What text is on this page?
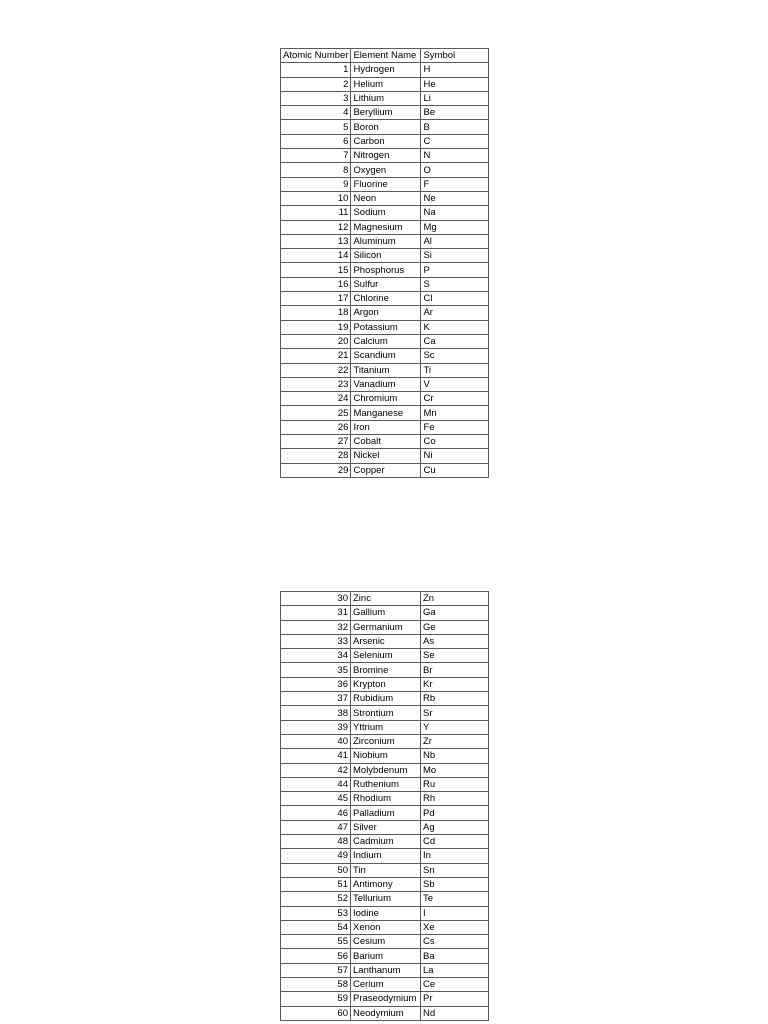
Atomic Number	Element Name	Symbol
1	Hydrogen	H
2	Helium	He
3	Lithium	Li
4	Beryllium	Be
5	Boron	B
6	Carbon	C
7	Nitrogen	N
8	Oxygen	O
9	Fluorine	F
10	Neon	Ne
11	Sodium	Na
12	Magnesium	Mg
13	Aluminum	Al
14	Silicon	Si
15	Phosphorus	P
16	Sulfur	S
17	Chlorine	Cl
18	Argon	Ar
19	Potassium	K
20	Calcium	Ca
21	Scandium	Sc
22	Titanium	Ti
23	Vanadium	V
24	Chromium	Cr
25	Manganese	Mn
26	Iron	Fe
27	Cobalt	Co
28	Nickel	Ni
29	Copper	Cu
30	Zinc	Zn
31	Gallium	Ga
32	Germanium	Ge
33	Arsenic	As
34	Selenium	Se
35	Bromine	Br
36	Krypton	Kr
37	Rubidium	Rb
38	Strontium	Sr
39	Yttrium	Y
40	Zirconium	Zr
41	Niobium	Nb
42	Molybdenum	Mo
44	Ruthenium	Ru
45	Rhodium	Rh
46	Palladium	Pd
47	Silver	Ag
48	Cadmium	Cd
49	Indium	In
50	Tin	Sn
51	Antimony	Sb
52	Tellurium	Te
53	Iodine	I
54	Xenon	Xe
55	Cesium	Cs
56	Barium	Ba
57	Lanthanum	La
58	Cerium	Ce
59	Praseodymium	Pr
60	Neodymium	Nd
